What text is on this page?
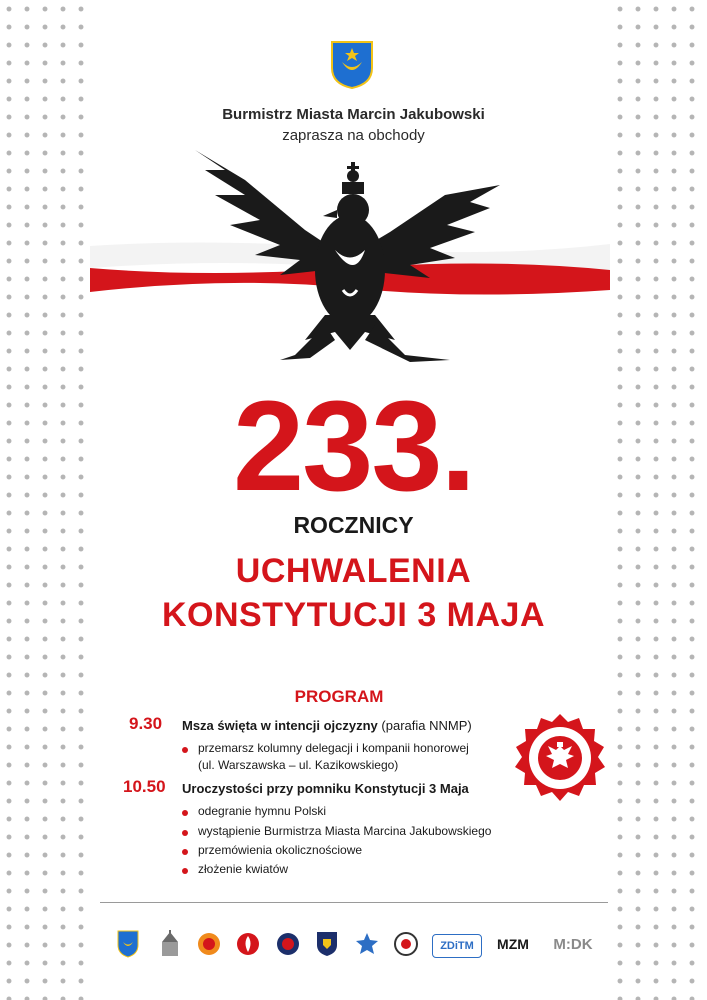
Burmistrz Miasta Marcin Jakubowski
zaprasza na obchody
233.
ROCZNICY
UCHWALENIA
KONSTYTUCJI 3 MAJA
PROGRAM
9.30 Msza święta w intencji ojczyzny (parafia NNMP)
przemarsz kolumny delegacji i kompanii honorowej
(ul. Warszawska – ul. Kazikowskiego)
10.50 Uroczystości przy pomniku Konstytucji 3 Maja
odegranie hymnu Polski
wystąpienie Burmistrza Miasta Marcina Jakubowskiego
przemówienia okolicznościowe
złożenie kwiatów
ZDiTM MZM M:DK
